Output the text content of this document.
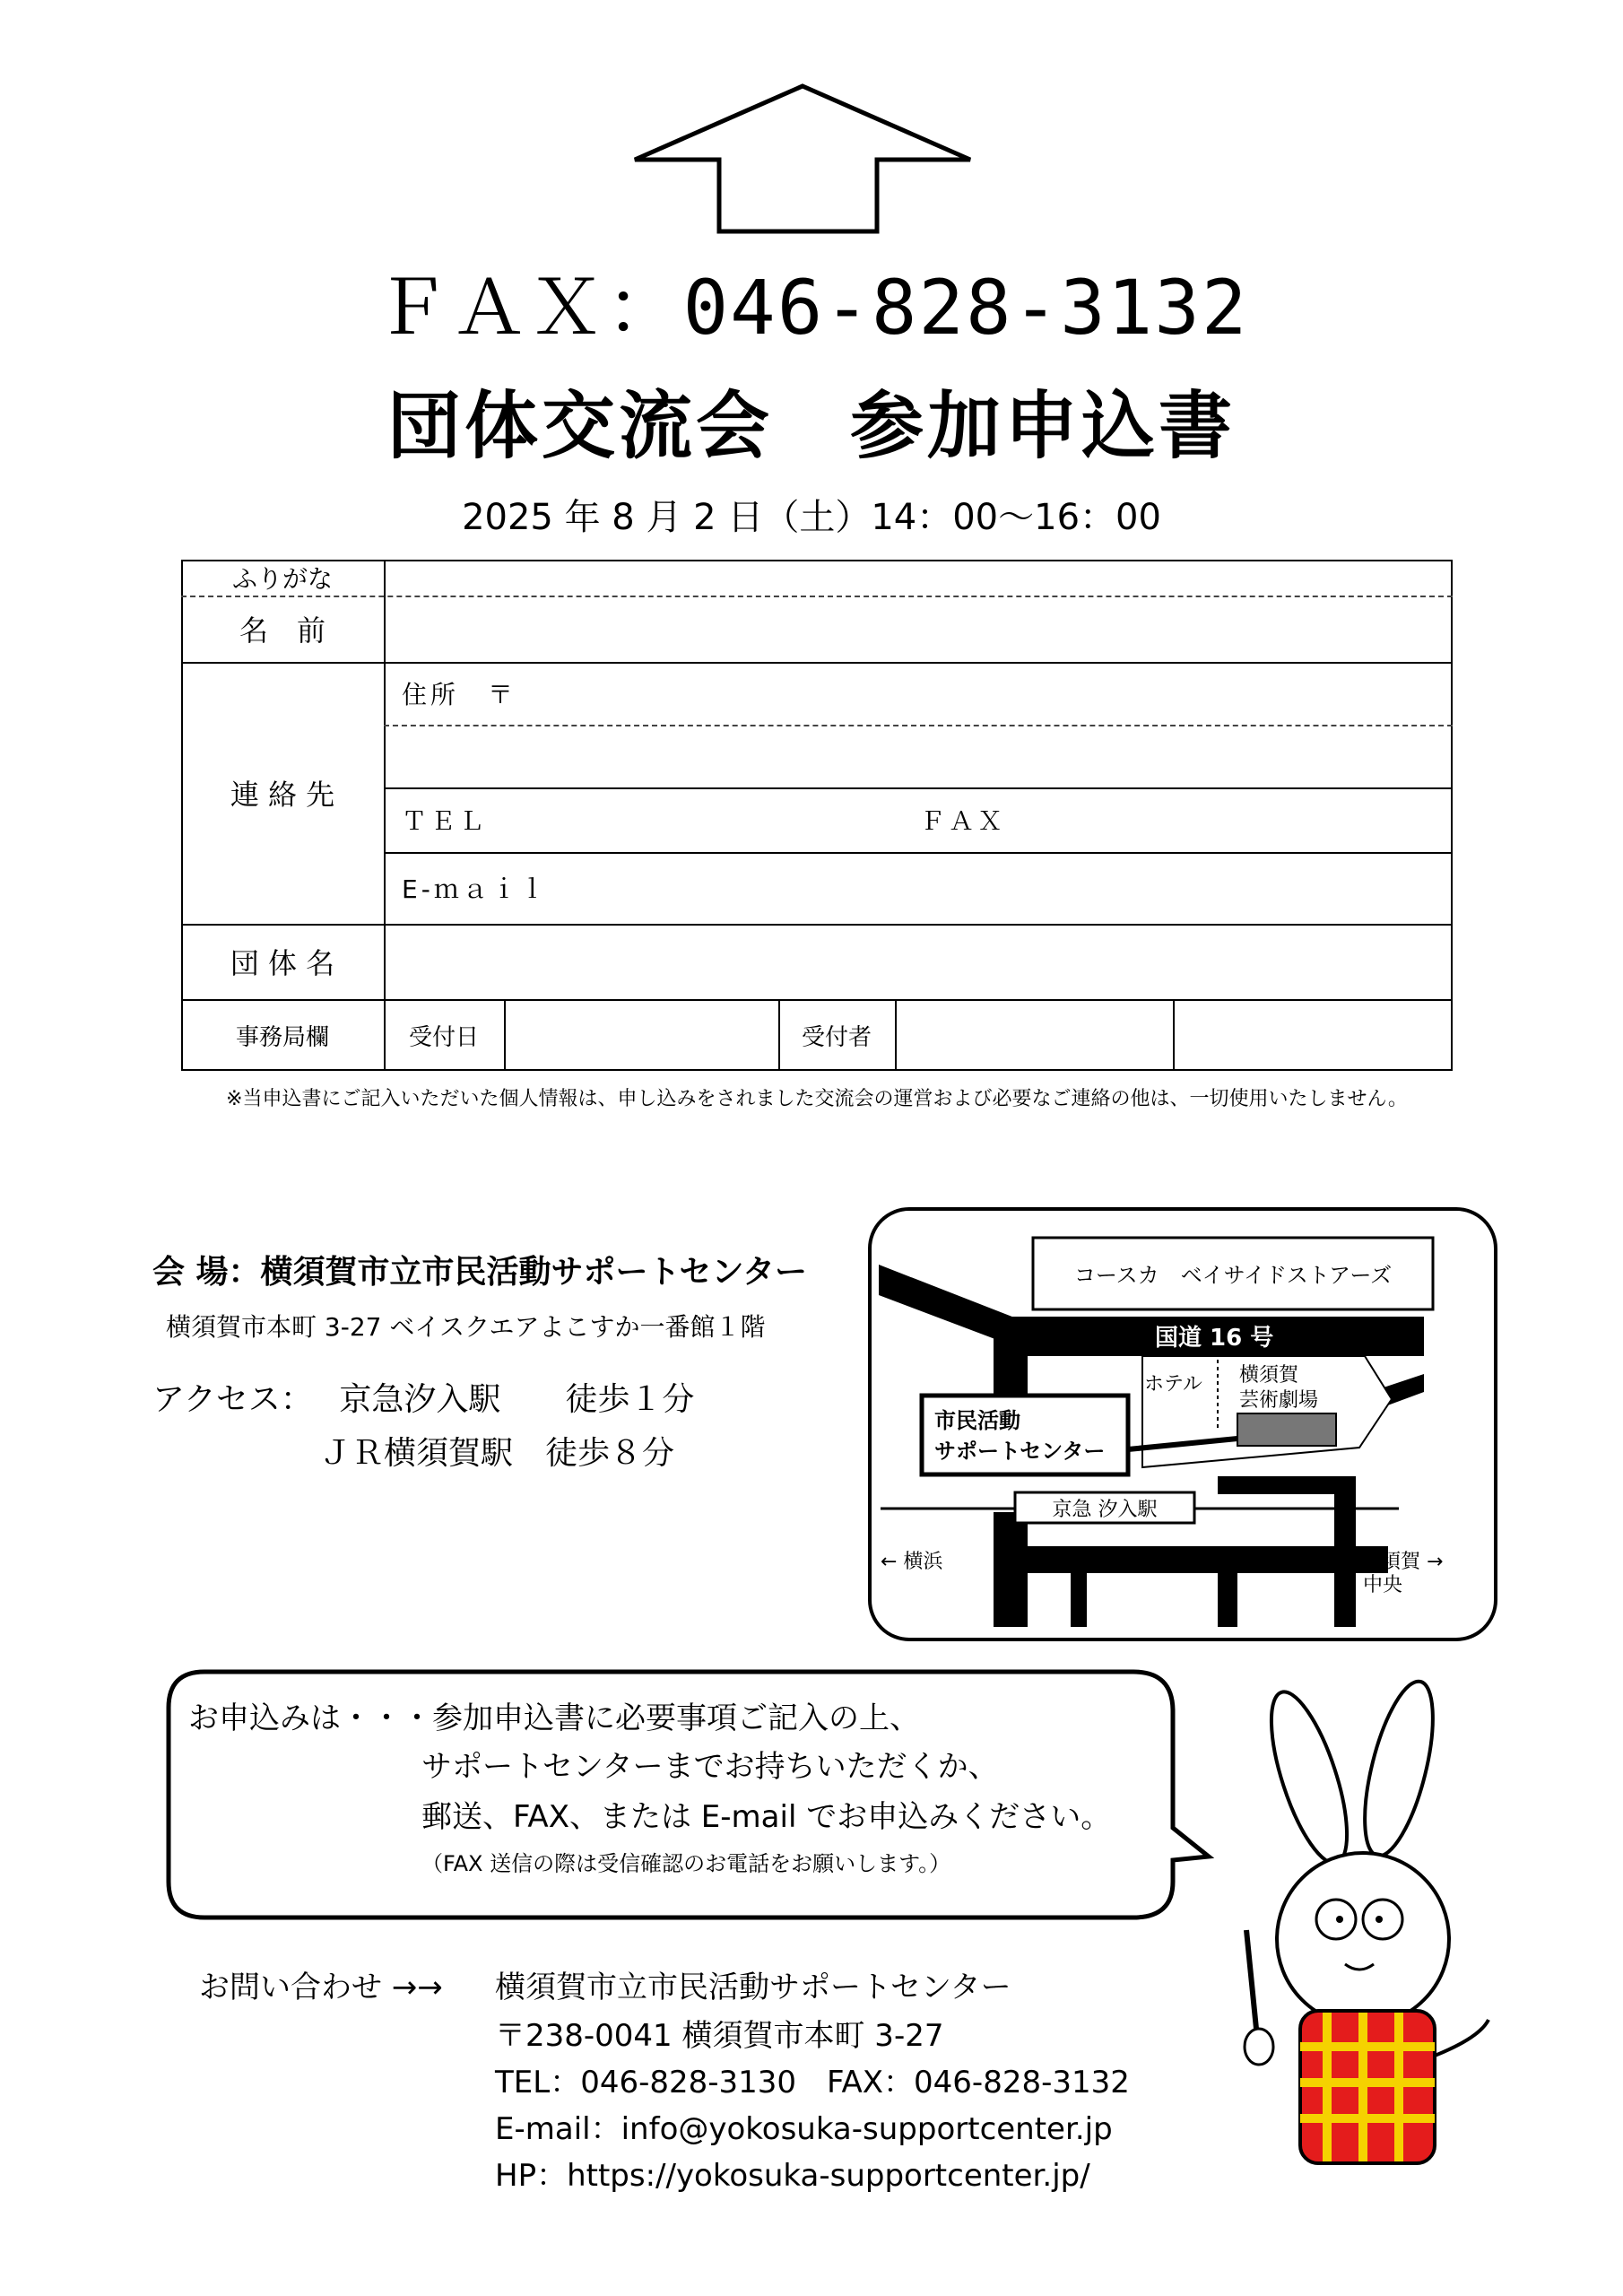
ＦＡＸ：046-828-3132
団体交流会　参加申込書
2025 年 8 月 2 日（土）14：00～16：00
ふりがな
名　前
連 絡 先
住所　〒
ＴＥＬ	ＦＡＸ
E-ｍａｉｌ
団 体 名
事務局欄	受付日	受付者
※当申込書にご記入いただいた個人情報は、申し込みをされました交流会の運営および必要なご連絡の他は、一切使用いたしません。
会 場：横須賀市立市民活動サポートセンター
横須賀市本町 3-27 ベイスクエアよこすか一番館１階
アクセス： 京急汐入駅　　徒歩１分
ＪＲ横須賀駅　徒歩８分
コースカ　ベイサイドストアーズ
国道 16 号
ホテル 横須賀
芸術劇場
市民活動
サポートセンター
京急 汐入駅
← 横浜	横須賀 →
中央
お申込みは・・・参加申込書に必要事項ご記入の上、
サポートセンターまでお持ちいただくか、
郵送、FAX、または E-mail でお申込みください。
（FAX 送信の際は受信確認のお電話をお願いします。）
お問い合わせ →→ 横須賀市立市民活動サポートセンター
〒238-0041 横須賀市本町 3-27
TEL：046-828-3130　FAX：046-828-3132
E-mail：info@yokosuka-supportcenter.jp
HP：https://yokosuka-supportcenter.jp/
